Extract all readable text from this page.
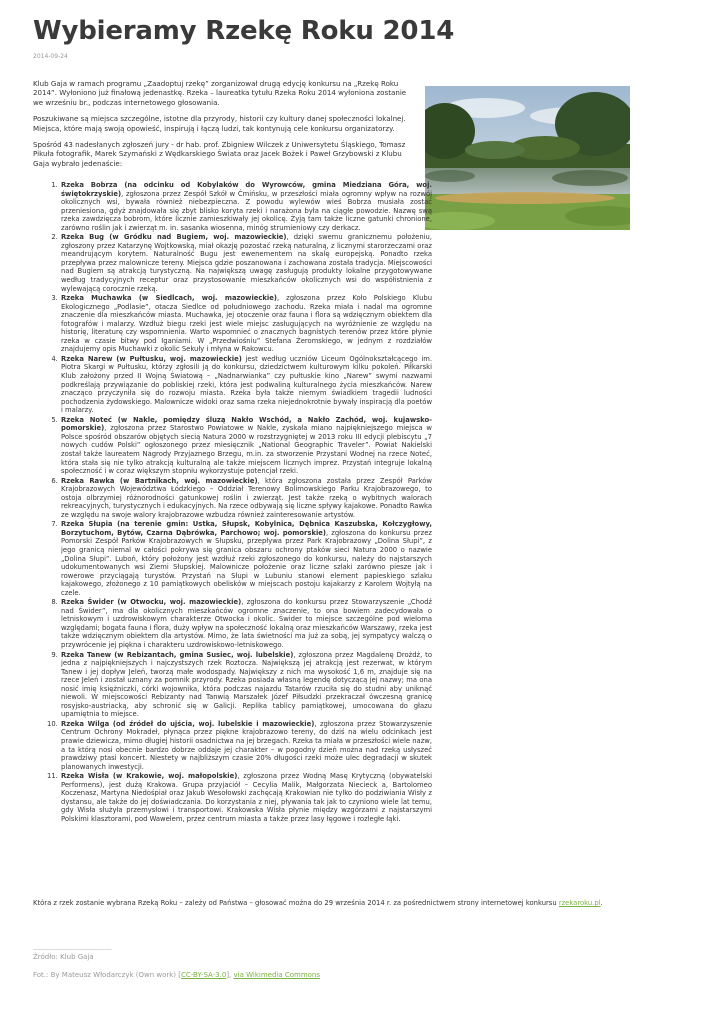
Wybieramy Rzekę Roku 2014
2014-09-24

Klub Gaja w ramach programu „Zaadoptuj rzekę” zorganizował drugą edycję konkursu na „Rzekę Roku 2014”. Wyłoniono już finałową jedenastkę. Rzeka – laureatka tytułu Rzeka Roku 2014 wyłoniona zostanie we wrześniu br., podczas internetowego głosowania.

Poszukiwane są miejsca szczególne, istotne dla przyrody, historii czy kultury danej społeczności lokalnej. Miejsca, które mają swoją opowieść, inspirują i łączą ludzi, tak kontynują cele konkursu organizatorzy.

Spośród 43 nadesłanych zgłoszeń jury - dr hab. prof. Zbigniew Wilczek z Uniwersytetu Śląskiego, Tomasz Pikuła fotografik, Marek Szymański z Wędkarskiego Świata oraz Jacek Bożek i Paweł Grzybowski z Klubu Gaja wybrało jedenaście:

1. Rzeka Bobrza (na odcinku od Kobylaków do Wyrowców, gmina Miedziana Góra, woj. świętokrzyskie), zgłoszona przez Zespół Szkół w Ćmińsku, w przeszłości miała ogromny wpływ na rozwój okolicznych wsi, bywała również niebezpieczna. Z powodu wylewów wieś Bobrza musiała zostać przeniesiona, gdyż znajdowała się zbyt blisko koryta rzeki i narażona była na ciągłe powodzie. Nazwę swą rzeka zawdzięcza bobrom, które licznie zamieszkiwały jej okolicę. Żyją tam także liczne gatunki chronione, zarówno roślin jak i zwierząt m. in. sasanka wiosenna, minóg strumieniowy czy derkacz.
2. Rzeka Bug (w Gródku nad Bugiem, woj. mazowieckie), dzięki swemu granicznemu położeniu, zgłoszony przez Katarzynę Wojtkowską, miał okazję pozostać rzeką naturalną, z licznymi starorzeczami oraz meandrującym korytem. Naturalność Bugu jest ewenementem na skalę europejską. Ponadto rzeka przepływa przez malownicze tereny. Miejsca gdzie poszanowana i zachowana została tradycja. Miejscowości nad Bugiem są atrakcją turystyczną. Na największą uwagę zasługują produkty lokalne przygotowywane według tradycyjnych receptur oraz przystosowanie mieszkańców okolicznych wsi do współistnienia z wylewającą corocznie rzeką.
3. Rzeka Muchawka (w Siedlcach, woj. mazowieckie), zgłoszona przez Koło Polskiego Klubu Ekologicznego „Podlasie”, otacza Siedlce od południowego zachodu. Rzeka miała i nadal ma ogromne znaczenie dla mieszkańców miasta. Muchawka, jej otoczenie oraz fauna i flora są wdzięcznym obiektem dla fotografów i malarzy. Wzdłuż biegu rzeki jest wiele miejsc zasługujących na wyróżnienie ze względu na historię, literaturę czy wspomnienia. Warto wspomnieć o znacznych bagnistych terenów przez które płynie rzeka w czasie bitwy pod Iganiami. W „Przedwiośniu” Stefana Żeromskiego, w jednym z rozdziałów znajdujemy opis Muchawki z okolic Sekuły i młyna w Rakowcu.
4. Rzeka Narew (w Pułtusku, woj. mazowieckie) jest według uczniów Liceum Ogólnokształcącego im. Piotra Skargi w Pułtusku, którzy zgłosili ją do konkursu, dziedzictwem kulturowym kilku pokoleń. Piłkarski Klub założony przed II Wojną Światową – „Nadnarwianka” czy pułtuskie kino „Narew” swymi nazwami podkreślają przywiązanie do pobliskiej rzeki, która jest podwaliną kulturalnego życia mieszkańców. Narew znacząco przyczyniła się do rozwoju miasta. Rzeka była także niemym świadkiem tragedii ludności pochodzenia żydowskiego. Malownicze widoki oraz sama rzeka niejednokrotnie bywały inspiracją dla poetów i malarzy.
5. Rzeka Noteć (w Nakle, pomiędzy śluzą Nakło Wschód, a Nakło Zachód, woj. kujawsko-pomorskie), zgłoszona przez Starostwo Powiatowe w Nakle, zyskała miano najpiękniejszego miejsca w Polsce spośród obszarów objętych siecią Natura 2000 w rozstrzygniętej w 2013 roku III edycji plebiscytu „7 nowych cudów Polski” ogłoszonego przez miesięcznik „National Geographic Traveler”. Powiat Nakielski został także laureatem Nagrody Przyjaznego Brzegu, m.in. za stworzenie Przystani Wodnej na rzece Noteć, która stała się nie tylko atrakcją kulturalną ale także miejscem licznych imprez. Przystań integruje lokalną społeczność i w coraz większym stopniu wykorzystuje potencjał rzeki.
6. Rzeka Rawka (w Bartnikach, woj. mazowieckie), która zgłoszona została przez Zespół Parków Krajobrazowych Województwa Łódzkiego – Oddział Terenowy Bolimowskiego Parku Krajobrazowego, to ostoja olbrzymiej różnorodności gatunkowej roślin i zwierząt. Jest także rzeką o wybitnych walorach rekreacyjnych, turystycznych i edukacyjnych. Na rzece odbywają się liczne spływy kajakowe. Ponadto Rawka ze względu na swoje walory krajobrazowe wzbudza również zainteresowanie artystów.
7. Rzeka Słupia (na terenie gmin: Ustka, Słupsk, Kobylnica, Dębnica Kaszubska, Kołczygłowy, Borzytuchom, Bytów, Czarna Dąbrówka, Parchowo; woj. pomorskie), zgłoszona do konkursu przez Pomorski Zespół Parków Krajobrazowych w Słupsku, przepływa przez Park Krajobrazowy „Dolina Słupi”, z jego granicą niemal w całości pokrywa się granica obszaru ochrony ptaków sieci Natura 2000 o nazwie „Dolina Słupi”. Luboń, który położony jest wzdłuż rzeki zgłoszonego do konkursu, należy do najstarszych udokumentowanych wsi Ziemi Słupskiej. Malownicze położenie oraz liczne szlaki zarówno piesze jak i rowerowe przyciągają turystów. Przystań na Słupi w Lubuniu stanowi element papieskiego szlaku kajakowego, złożonego z 10 pamiątkowych obelisków w miejscach postoju kajakarzy z Karolem Wojtyłą na czele.
8. Rzeka Świder (w Otwocku, woj. mazowieckie), zgłoszona do konkursu przez Stowarzyszenie „Chodź nad Świder”, ma dla okolicznych mieszkańców ogromne znaczenie, to ona bowiem zadecydowała o letniskowym i uzdrowiskowym charakterze Otwocka i okolic. Świder to miejsce szczególne pod wieloma względami; bogata fauna i flora, duży wpływ na społeczność lokalną oraz mieszkańców Warszawy, rzeka jest także wdzięcznym obiektem dla artystów. Mimo, że lata świetności ma już za sobą, jej sympatycy walczą o przywrócenie jej piękna i charakteru uzdrowiskowo-letniskowego.
9. Rzeka Tanew (w Rebizantach, gmina Susiec, woj. lubelskie), zgłoszona przez Magdalenę Drożdż, to jedna z najpiękniejszych i najczystszych rzek Roztocza. Największą jej atrakcją jest rezerwat, w którym Tanew i jej dopływ Jeleń, tworzą małe wodospady. Największy z nich ma wysokość 1,6 m, znajduje się na rzece Jeleń i został uznany za pomnik przyrody. Rzeka posiada własną legendę dotyczącą jej nazwy; ma ona nosić imię księżniczki, córki wojownika, która podczas najazdu Tatarów rzuciła się do studni aby uniknąć niewoli. W miejscowości Rebizanty nad Tanwią Marszałek Józef Piłsudzki przekraczał ówczesną granicę rosyjsko-austriacką, aby schronić się w Galicji. Replika tablicy pamiątkowej, umocowana do głazu upamiętnia to miejsce.
10. Rzeka Wilga (od źródeł do ujścia, woj. lubelskie i mazowieckie), zgłoszona przez Stowarzyszenie Centrum Ochrony Mokradeł, płynąca przez piękne krajobrazowo tereny, do dziś na wielu odcinkach jest prawie dziewicza, mimo długiej historii osadnictwa na jej brzegach. Rzeka ta miała w przeszłości wiele nazw, a ta którą nosi obecnie bardzo dobrze oddaje jej charakter – w pogodny dzień można nad rzeką usłyszeć prawdziwy ptasi koncert. Niestety w najbliższym czasie 20% długości rzeki może ulec degradacji w skutek planowanych inwestycji.
11. Rzeka Wisła (w Krakowie, woj. małopolskie), zgłoszona przez Wodną Masę Krytyczną (obywatelski Performens), jest dużą Krakowa. Grupa przyjaciół – Cecylia Malik, Małgorzata Niecieck a, Bartolomeo Koczenasz, Martyna Niedośpiał oraz Jakub Wesołowski zachęcają Krakowian nie tylko do podziwiania Wisły z dystansu, ale także do jej doświadczania. Do korzystania z niej, pływania tak jak to czyniono wiele lat temu, gdy Wisła służyła przemysłowi i transportowi. Krakowska Wisła płynie między wzgórzami z najstarszymi Polskimi klasztorami, pod Wawelem, przez centrum miasta a także przez lasy łęgowe i rozległe łąki.
Która z rzek zostanie wybrana Rzeką Roku – zależy od Państwa – głosować można do 29 września 2014 r. za pośrednictwem strony internetowej konkursu rzekaroku.pl.
------------------------------------------
Źródło: Klub Gaja
Fot.: By Mateusz Włodarczyk (Own work) [CC-BY-SA-3.0], via Wikimedia Commons
